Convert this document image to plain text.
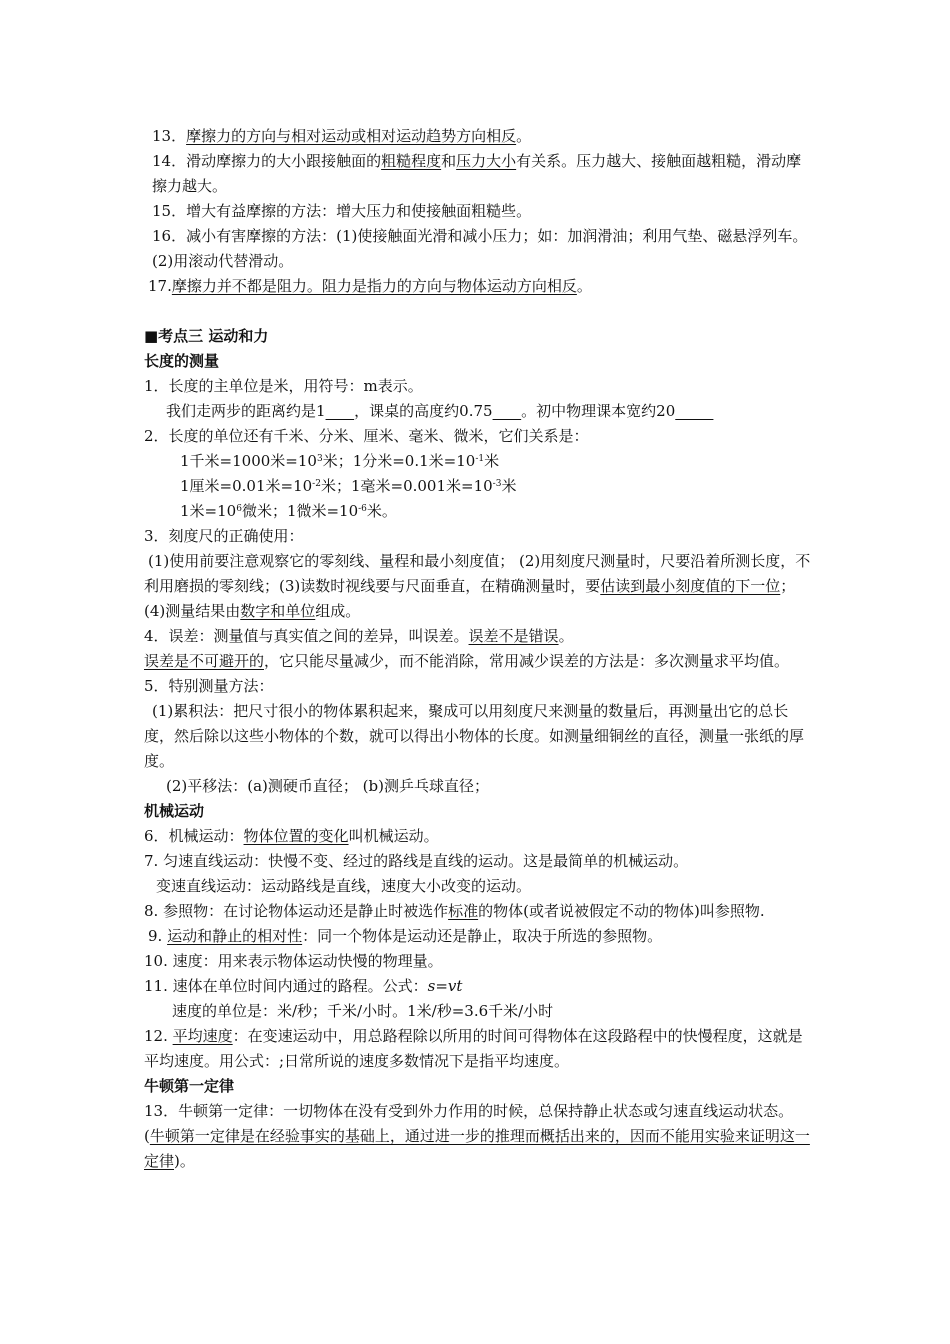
13．摩擦力的方向与相对运动或相对运动趋势方向相反。

14．滑动摩擦力的大小跟接触面的粗糙程度和压力大小有关系。压力越大、接触面越粗糙，滑动摩擦力越大。

15．增大有益摩擦的方法：增大压力和使接触面粗糙些。

16．减小有害摩擦的方法：(1)使接触面光滑和减小压力；如：加润滑油；利用气垫、磁悬浮列车。(2)用滚动代替滑动。

17.摩擦力并不都是阻力。阻力是指力的方向与物体运动方向相反。

■考点三 运动和力

长度的测量

1．长度的主单位是米，用符号：m表示。

我们走两步的距离约是1 ，课桌的高度约0.75 。初中物理课本宽约20

2．长度的单位还有千米、分米、厘米、毫米、微米，它们关系是：

1千米=1000米$=10^3$米；1分米=0.1米$=10^{-1}$米

1厘米=0.01米$=10^{-2}$米；1毫米=0.001米$=10^{-3}$米

1米$=10^6$微米；1微米$=10^{-6}$米。

3．刻度尺的正确使用：

(1)使用前要注意观察它的零刻线、量程和最小刻度值； (2)用刻度尺测量时，尺要沿着所测长度，不利用磨损的零刻线；(3)读数时视线要与尺面垂直，在精确测量时，要估读到最小刻度值的下一位；(4)测量结果由数字和单位组成。

4．误差：测量值与真实值之间的差异，叫误差。误差不是错误。

误差是不可避开的，它只能尽量减少，而不能消除，常用减少误差的方法是：多次测量求平均值。

5．特别测量方法：

(1)累积法：把尺寸很小的物体累积起来，聚成可以用刻度尺来测量的数量后，再测量出它的总长度，然后除以这些小物体的个数，就可以得出小物体的长度。如测量细铜丝的直径，测量一张纸的厚度。

(2)平移法：(a)测硬币直径； (b)测乒乓球直径；

机械运动

6．机械运动：物体位置的变化叫机械运动。

7. 匀速直线运动：快慢不变、经过的路线是直线的运动。这是最简单的机械运动。

变速直线运动：运动路线是直线，速度大小改变的运动。

8. 参照物：在讨论物体运动还是静止时被选作标准的物体(或者说被假定不动的物体)叫参照物.

9. 运动和静止的相对性：同一个物体是运动还是静止，取决于所选的参照物。

10. 速度：用来表示物体运动快慢的物理量。

11. 速体在单位时间内通过的路程。公式：s=vt

速度的单位是：米/秒；千米/小时。1米/秒=3.6千米/小时

12. 平均速度：在变速运动中，用总路程除以所用的时间可得物体在这段路程中的快慢程度，这就是平均速度。用公式：;日常所说的速度多数情况下是指平均速度。

牛顿第一定律

13．牛顿第一定律：一切物体在没有受到外力作用的时候，总保持静止状态或匀速直线运动状态。(牛顿第一定律是在经验事实的基础上，通过进一步的推理而概括出来的，因而不能用实验来证明这一定律)。
